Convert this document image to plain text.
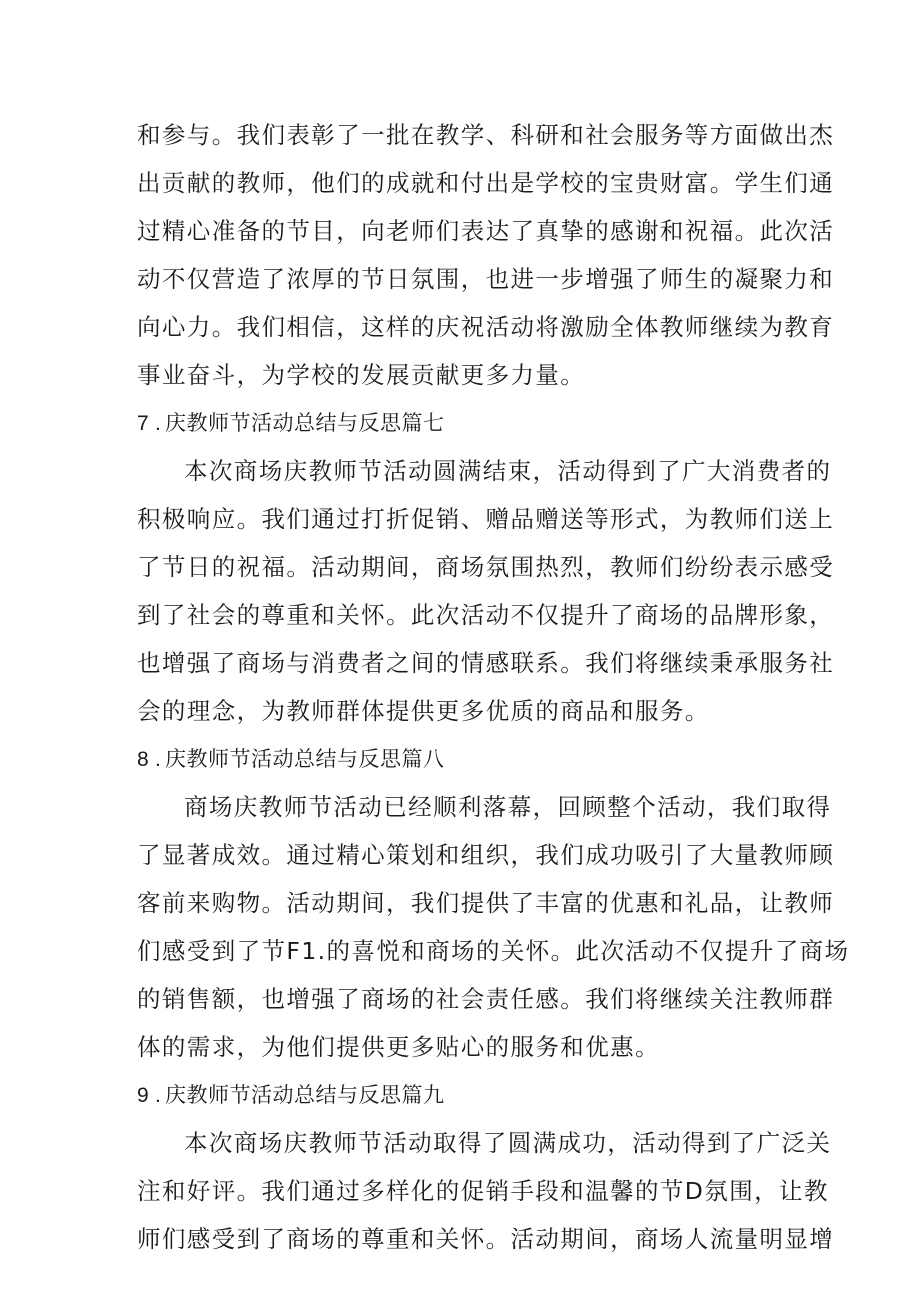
和参与。我们表彰了一批在教学、科研和社会服务等方面做出杰
出贡献的教师，他们的成就和付出是学校的宝贵财富。学生们通
过精心准备的节目，向老师们表达了真挚的感谢和祝福。此次活
动不仅营造了浓厚的节日氛围，也进一步增强了师生的凝聚力和
向心力。我们相信，这样的庆祝活动将激励全体教师继续为教育
事业奋斗，为学校的发展贡献更多力量。
7 . 庆教师节活动总结与反思篇七
本次商场庆教师节活动圆满结束，活动得到了广大消费者的
积极响应。我们通过打折促销、赠品赠送等形式，为教师们送上
了节日的祝福。活动期间，商场氛围热烈，教师们纷纷表示感受
到了社会的尊重和关怀。此次活动不仅提升了商场的品牌形象，
也增强了商场与消费者之间的情感联系。我们将继续秉承服务社
会的理念，为教师群体提供更多优质的商品和服务。
8 . 庆教师节活动总结与反思篇八
商场庆教师节活动已经顺利落幕，回顾整个活动，我们取得
了显著成效。通过精心策划和组织，我们成功吸引了大量教师顾
客前来购物。活动期间，我们提供了丰富的优惠和礼品，让教师
们感受到了节F1.的喜悦和商场的关怀。此次活动不仅提升了商场
的销售额，也增强了商场的社会责任感。我们将继续关注教师群
体的需求，为他们提供更多贴心的服务和优惠。
9 . 庆教师节活动总结与反思篇九
本次商场庆教师节活动取得了圆满成功，活动得到了广泛关
注和好评。我们通过多样化的促销手段和温馨的节D氛围，让教
师们感受到了商场的尊重和关怀。活动期间，商场人流量明显增
